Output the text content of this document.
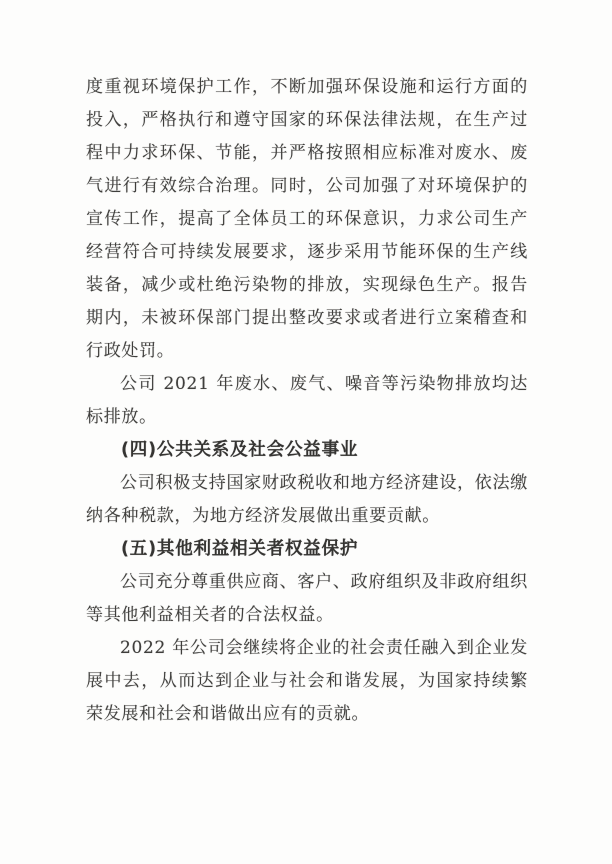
度重视环境保护工作，不断加强环保设施和运行方面的投入，严格执行和遵守国家的环保法律法规，在生产过程中力求环保、节能，并严格按照相应标准对废水、废气进行有效综合治理。同时，公司加强了对环境保护的宣传工作，提高了全体员工的环保意识，力求公司生产经营符合可持续发展要求，逐步采用节能环保的生产线装备，减少或杜绝污染物的排放，实现绿色生产。报告期内，未被环保部门提出整改要求或者进行立案稽查和行政处罚。

公司 2021 年废水、废气、噪音等污染物排放均达标排放。

(四)公共关系及社会公益事业

公司积极支持国家财政税收和地方经济建设，依法缴纳各种税款，为地方经济发展做出重要贡献。

(五)其他利益相关者权益保护

公司充分尊重供应商、客户、政府组织及非政府组织等其他利益相关者的合法权益。

2022 年公司会继续将企业的社会责任融入到企业发展中去，从而达到企业与社会和谐发展，为国家持续繁荣发展和社会和谐做出应有的贡就。
